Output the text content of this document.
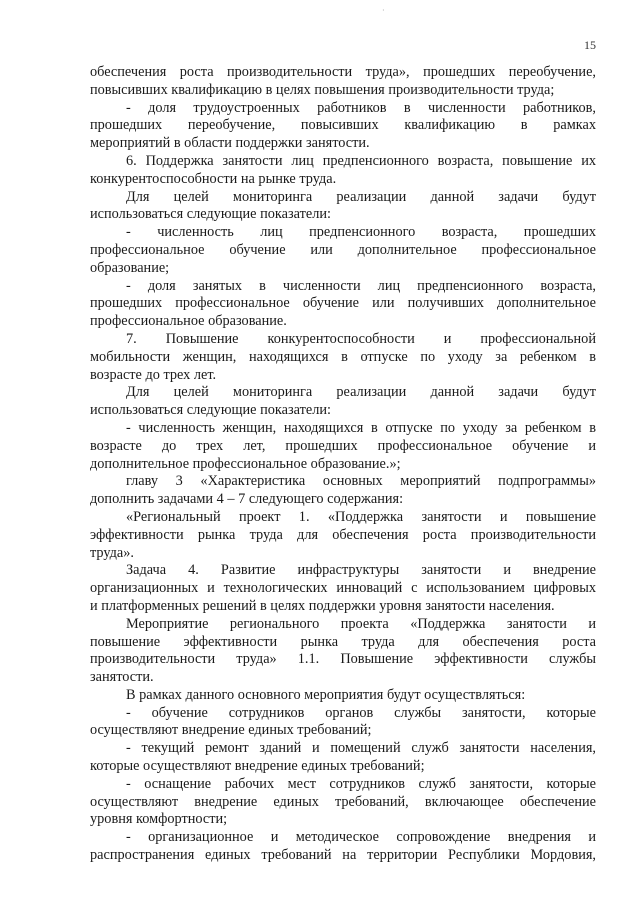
·
15
обеспечения роста производительности труда», прошедших переобучение,
повысивших квалификацию в целях повышения производительности труда;
- доля трудоустроенных работников в численности работников,
прошедших переобучение, повысивших квалификацию в рамках
мероприятий в области поддержки занятости.
6. Поддержка занятости лиц предпенсионного возраста, повышение их
конкурентоспособности на рынке труда.
Для целей мониторинга реализации данной задачи будут
использоваться следующие показатели:
- численность лиц предпенсионного возраста, прошедших
профессиональное обучение или дополнительное профессиональное
образование;
- доля занятых в численности лиц предпенсионного возраста,
прошедших профессиональное обучение или получивших дополнительное
профессиональное образование.
7. Повышение конкурентоспособности и профессиональной
мобильности женщин, находящихся в отпуске по уходу за ребенком в
возрасте до трех лет.
Для целей мониторинга реализации данной задачи будут
использоваться следующие показатели:
- численность женщин, находящихся в отпуске по уходу за ребенком в
возрасте до трех лет, прошедших профессиональное обучение и
дополнительное профессиональное образование.»;
главу 3 «Характеристика основных мероприятий подпрограммы»
дополнить задачами 4 – 7 следующего содержания:
«Региональный проект 1. «Поддержка занятости и повышение
эффективности рынка труда для обеспечения роста производительности
труда».
Задача 4. Развитие инфраструктуры занятости и внедрение
организационных и технологических инноваций с использованием цифровых
и платформенных решений в целях поддержки уровня занятости населения.
Мероприятие регионального проекта «Поддержка занятости и
повышение эффективности рынка труда для обеспечения роста
производительности труда» 1.1. Повышение эффективности службы
занятости.
В рамках данного основного мероприятия будут осуществляться:
- обучение сотрудников органов службы занятости, которые
осуществляют внедрение единых требований;
- текущий ремонт зданий и помещений служб занятости населения,
которые осуществляют внедрение единых требований;
- оснащение рабочих мест сотрудников служб занятости, которые
осуществляют внедрение единых требований, включающее обеспечение
уровня комфортности;
- организационное и методическое сопровождение внедрения и
распространения единых требований на территории Республики Мордовия,
